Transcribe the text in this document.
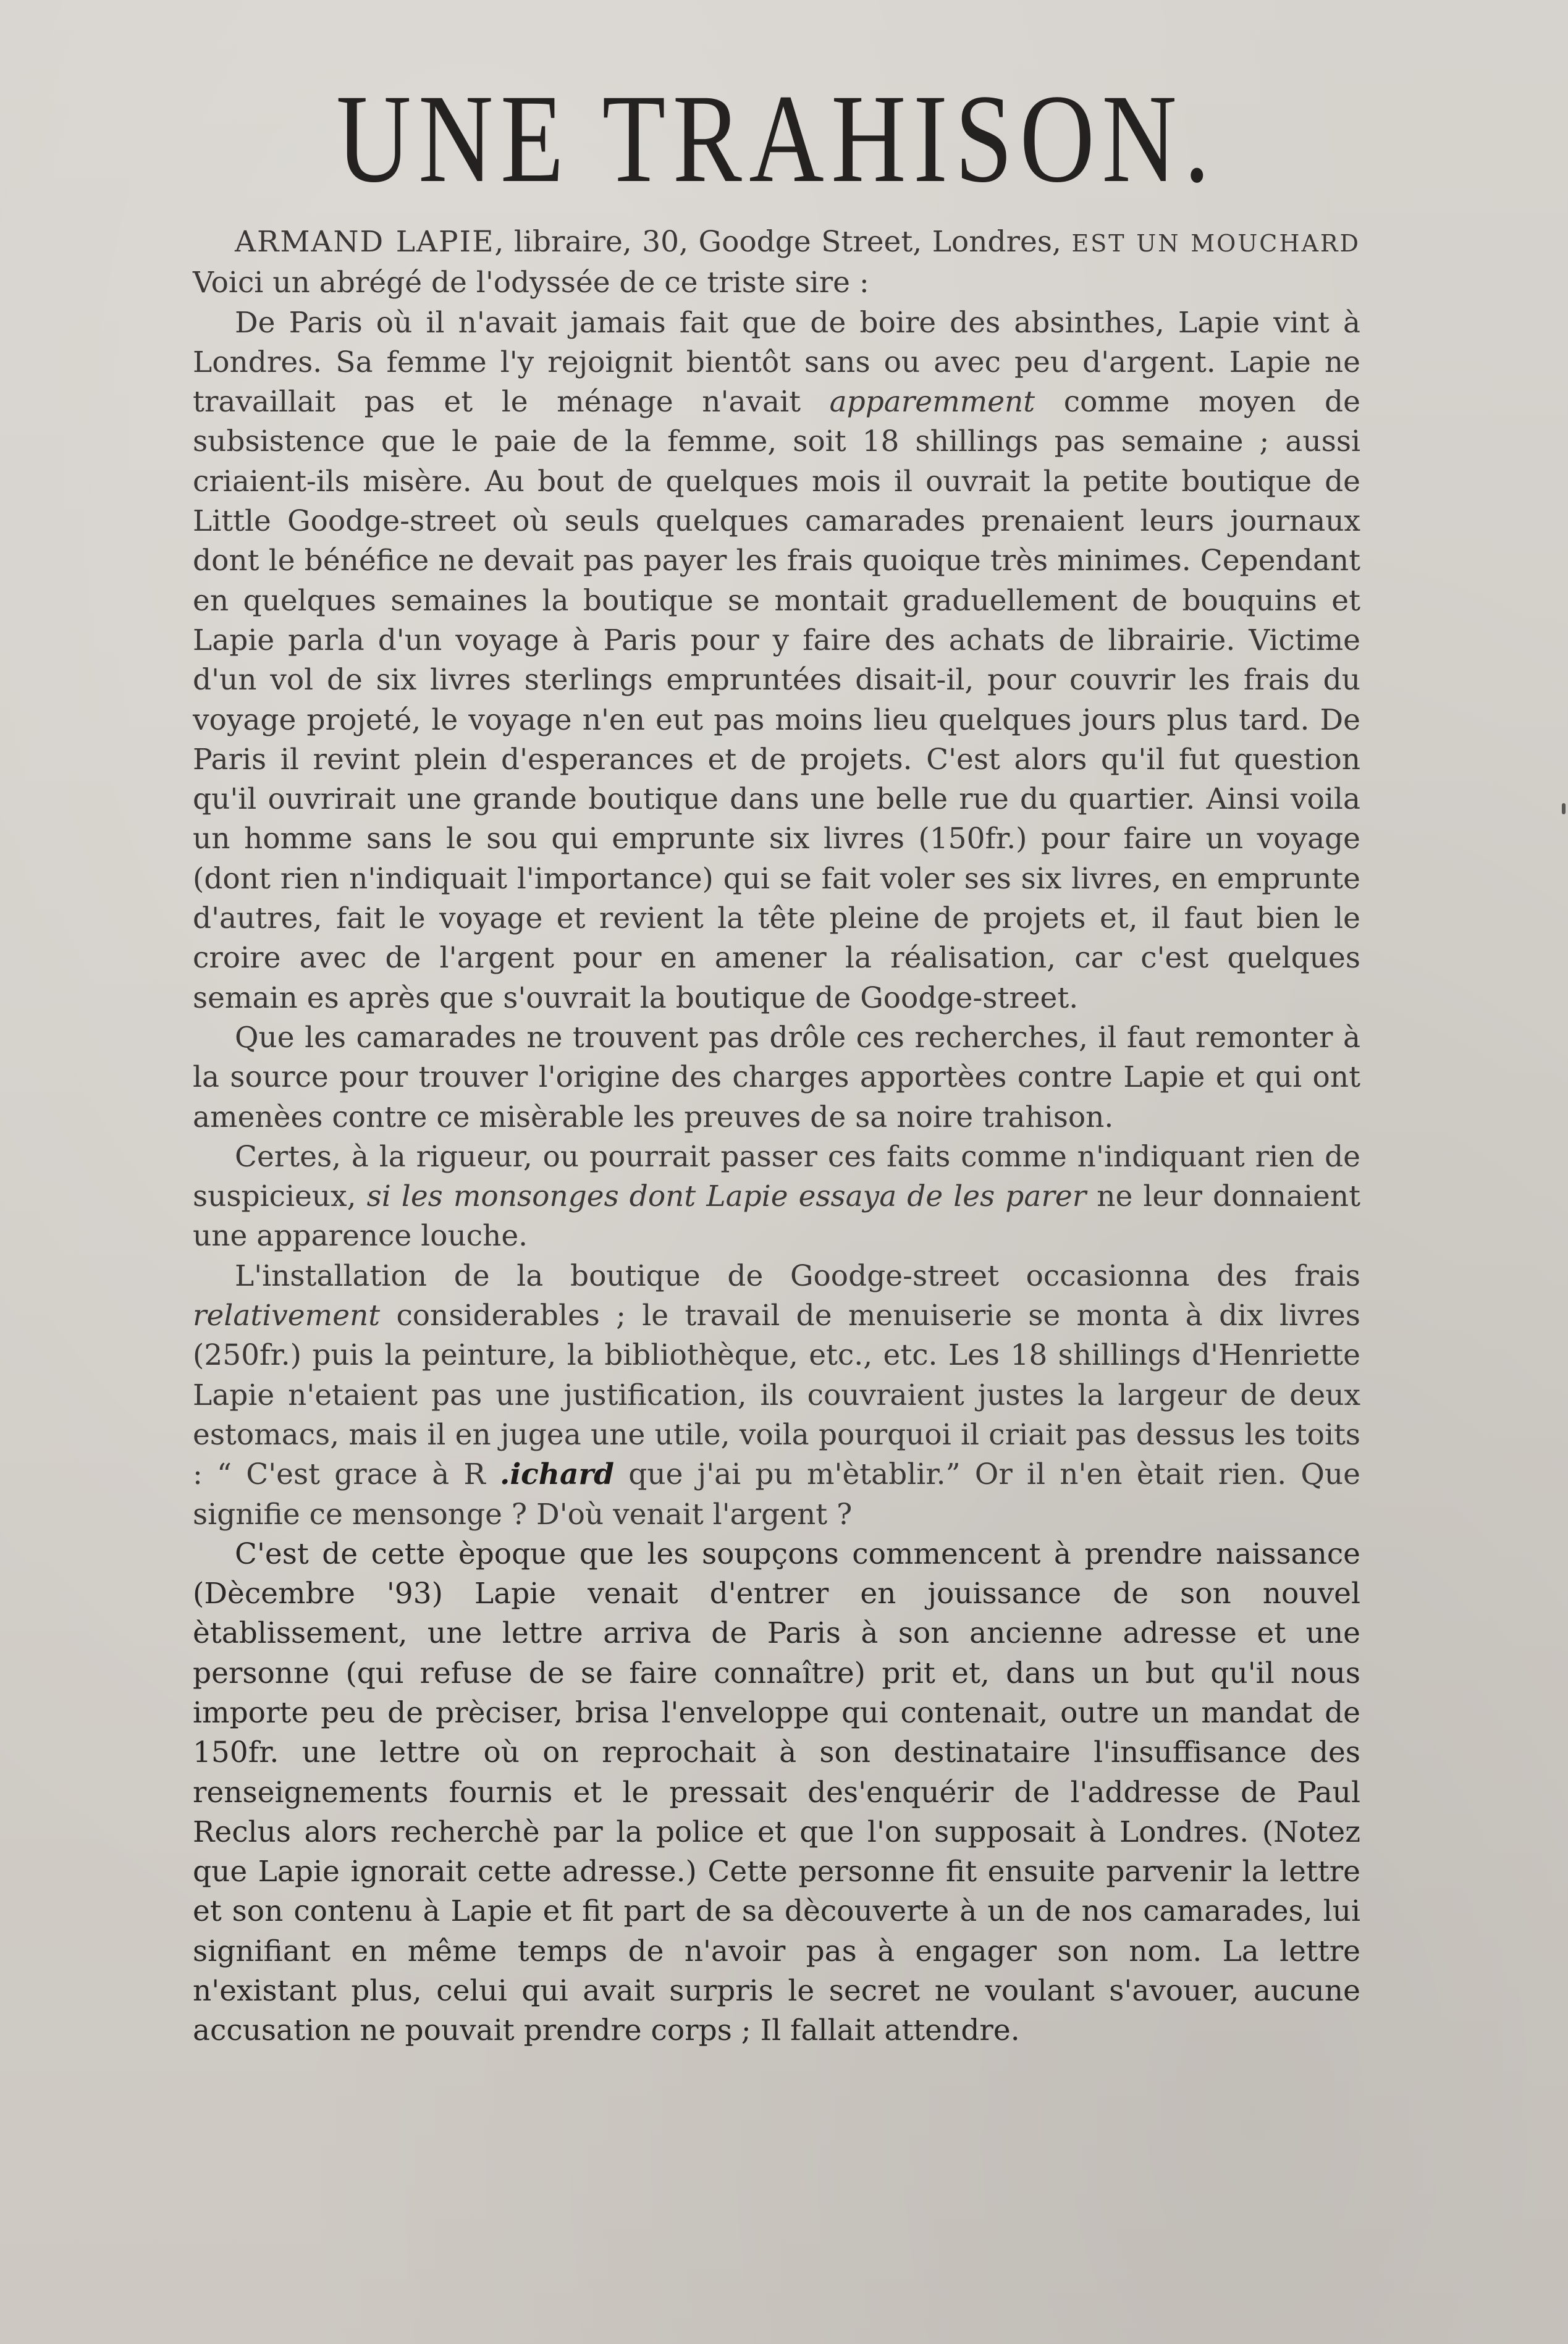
UNE TRAHISON.

ARMAND LAPIE, libraire, 30, Goodge Street, Londres, EST UN MOUCHARD Voici un abrégé de l'odyssée de ce triste sire :

De Paris où il n'avait jamais fait que de boire des absinthes, Lapie vint à Londres. Sa femme l'y rejoignit bientôt sans ou avec peu d'argent. Lapie ne travaillait pas et le ménage n'avait apparemment comme moyen de subsistence que le paie de la femme, soit 18 shillings pas semaine ; aussi criaient-ils misère. Au bout de quelques mois il ouvrait la petite boutique de Little Goodge-street où seuls quelques camarades prenaient leurs journaux dont le bénéfice ne devait pas payer les frais quoique très minimes. Cependant en quelques semaines la boutique se montait graduellement de bouquins et Lapie parla d'un voyage à Paris pour y faire des achats de librairie. Victime d'un vol de six livres sterlings empruntées disait-il, pour couvrir les frais du voyage projeté, le voyage n'en eut pas moins lieu quelques jours plus tard. De Paris il revint plein d'esperances et de projets. C'est alors qu'il fut question qu'il ouvrirait une grande boutique dans une belle rue du quartier. Ainsi voila un homme sans le sou qui emprunte six livres (150fr.) pour faire un voyage (dont rien n'indiquait l'importance) qui se fait voler ses six livres, en emprunte d'autres, fait le voyage et revient la tête pleine de projets et, il faut bien le croire avec de l'argent pour en amener la réalisation, car c'est quelques semain es après que s'ouvrait la boutique de Goodge-street.

Que les camarades ne trouvent pas drôle ces recherches, il faut remonter à la source pour trouver l'origine des charges apportèes contre Lapie et qui ont amenèes contre ce misèrable les preuves de sa noire trahison.

Certes, à la rigueur, ou pourrait passer ces faits comme n'indiquant rien de suspicieux, si les monsonges dont Lapie essaya de les parer ne leur donnaient une apparence louche.

L'installation de la boutique de Goodge-street occasionna des frais relativement considerables ; le travail de menuiserie se monta à dix livres (250fr.) puis la peinture, la bibliothèque, etc., etc. Les 18 shillings d'Henriette Lapie n'etaient pas une justification, ils couvraient justes la largeur de deux estomacs, mais il en jugea une utile, voila pourquoi il criait pas dessus les toits : “ C'est grace à R .ichard que j'ai pu m'ètablir.” Or il n'en ètait rien. Que signifie ce mensonge ? D'où venait l'argent ?

C'est de cette èpoque que les soupçons commencent à prendre naissance (Dècembre '93) Lapie venait d'entrer en jouissance de son nouvel ètablissement, une lettre arriva de Paris à son ancienne adresse et une personne (qui refuse de se faire connaître) prit et, dans un but qu'il nous importe peu de prèciser, brisa l'enveloppe qui contenait, outre un mandat de 150fr. une lettre où on reprochait à son destinataire l'insuffisance des renseignements fournis et le pressait des'enquérir de l'addresse de Paul Reclus alors recherchè par la police et que l'on supposait à Londres. (Notez que Lapie ignorait cette adresse.) Cette personne fit ensuite parvenir la lettre et son contenu à Lapie et fit part de sa dècouverte à un de nos camarades, lui signifiant en même temps de n'avoir pas à engager son nom. La lettre n'existant plus, celui qui avait surpris le secret ne voulant s'avouer, aucune accusation ne pouvait prendre corps ; Il fallait attendre.
